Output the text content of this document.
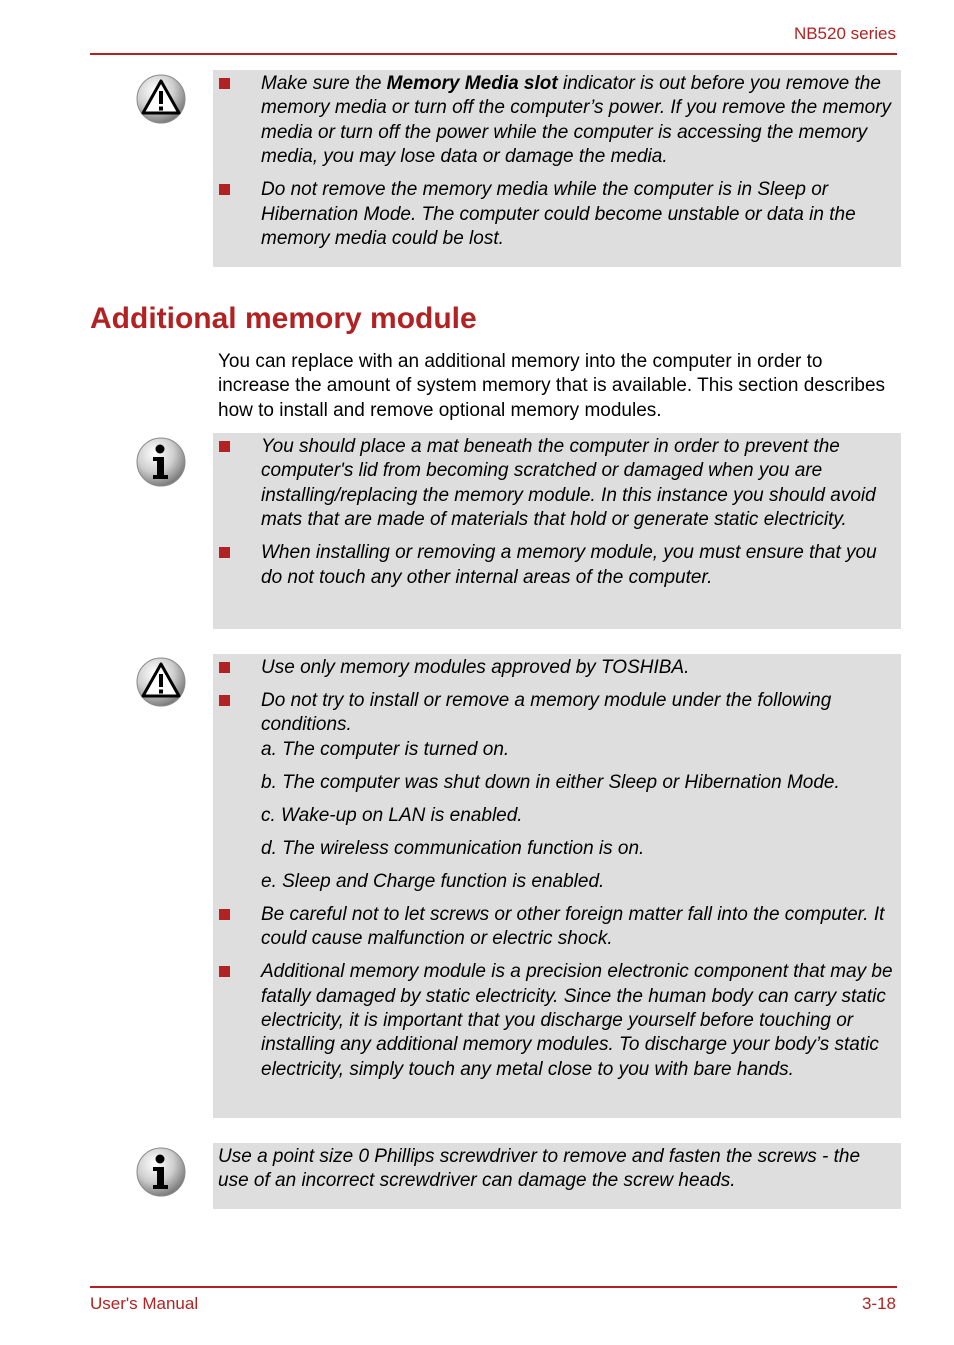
NB520 series
Make sure the Memory Media slot indicator is out before you remove the memory media or turn off the computer’s power. If you remove the memory media or turn off the power while the computer is accessing the memory media, you may lose data or damage the media.
Do not remove the memory media while the computer is in Sleep or Hibernation Mode. The computer could become unstable or data in the memory media could be lost.
Additional memory module

You can replace with an additional memory into the computer in order to increase the amount of system memory that is available. This section describes how to install and remove optional memory modules.

You should place a mat beneath the computer in order to prevent the computer's lid from becoming scratched or damaged when you are installing/replacing the memory module. In this instance you should avoid mats that are made of materials that hold or generate static electricity.
When installing or removing a memory module, you must ensure that you do not touch any other internal areas of the computer.
Use only memory modules approved by TOSHIBA.
Do not try to install or remove a memory module under the following conditions.
a. The computer is turned on.
b. The computer was shut down in either Sleep or Hibernation Mode.
c. Wake-up on LAN is enabled.
d. The wireless communication function is on.
e. Sleep and Charge function is enabled.
Be careful not to let screws or other foreign matter fall into the computer. It could cause malfunction or electric shock.
Additional memory module is a precision electronic component that may be fatally damaged by static electricity. Since the human body can carry static electricity, it is important that you discharge yourself before touching or installing any additional memory modules. To discharge your body’s static electricity, simply touch any metal close to you with bare hands.
Use a point size 0 Phillips screwdriver to remove and fasten the screws - the use of an incorrect screwdriver can damage the screw heads.
User's Manual	3-18
